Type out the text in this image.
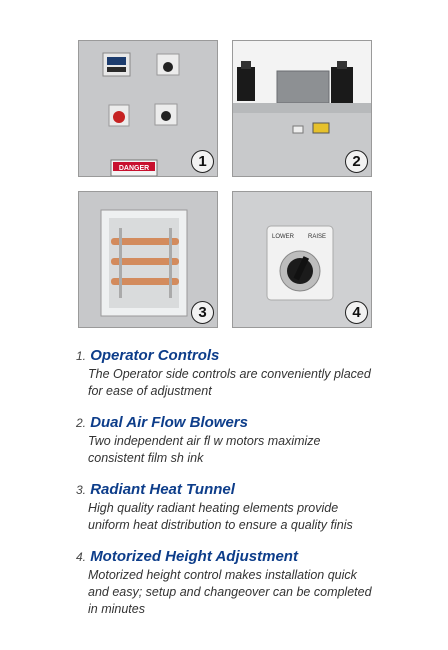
DANGER	1	2
3
LOWER RAISE
4
1. Operator Controls
The Operator side controls are conveniently placed for ease of adjustment
2. Dual Air Flow Blowers
Two independent air fl w motors maximize consistent film sh ink
3. Radiant Heat Tunnel
High quality radiant heating elements provide uniform heat distribution to ensure a quality finis
4. Motorized Height Adjustment
Motorized height control makes installation quick and easy; setup and changeover can be completed in minutes
